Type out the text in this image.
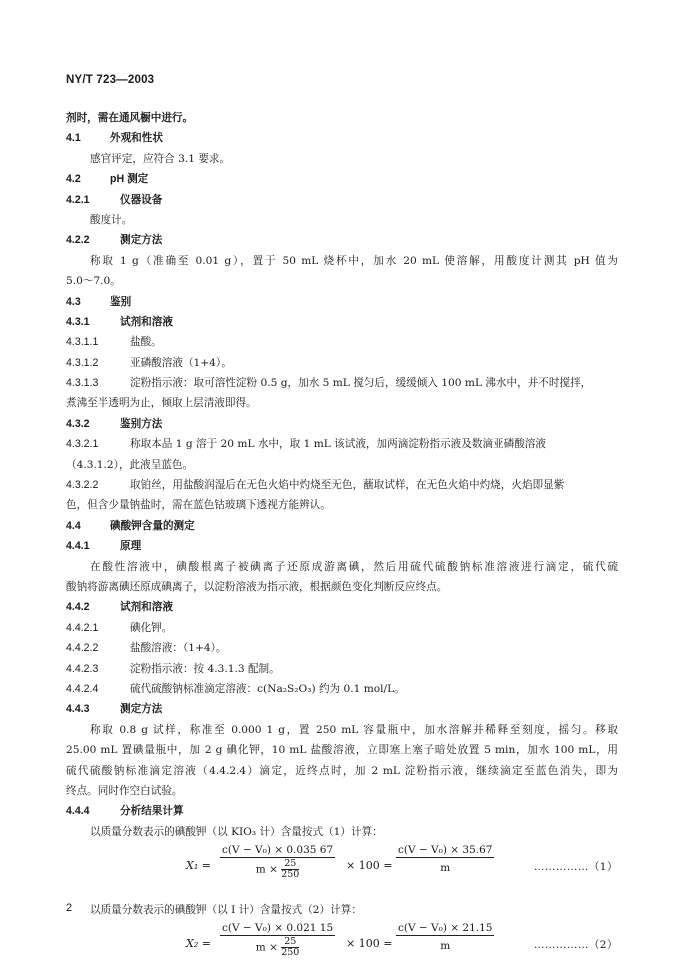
NY/T 723—2003
剂时，需在通风橱中进行。
4.1	外观和性状
感官评定，应符合 3.1 要求。
4.2	pH 测定
4.2.1	仪器设备
酸度计。
4.2.2	测定方法
称取 1 g（准确至 0.01 g），置于 50 mL 烧杯中，加水 20 mL 使溶解，用酸度计测其 pH 值为
5.0～7.0。
4.3	鉴别
4.3.1	试剂和溶液
4.3.1.1	盐酸。
4.3.1.2	亚磷酸溶液（1+4）。
4.3.1.3	淀粉指示液：取可溶性淀粉 0.5 g，加水 5 mL 搅匀后，缓缓倾入 100 mL 沸水中，并不时搅拌，
煮沸至半透明为止，倾取上层清液即得。
4.3.2	鉴别方法
4.3.2.1	称取本品 1 g 溶于 20 mL 水中，取 1 mL 该试液，加两滴淀粉指示液及数滴亚磷酸溶液
（4.3.1.2），此液呈蓝色。
4.3.2.2	取铂丝，用盐酸润湿后在无色火焰中灼烧至无色，蘸取试样，在无色火焰中灼烧，火焰即显紫
色，但含少量钠盐时，需在蓝色钴玻璃下透视方能辨认。
4.4	碘酸钾含量的测定
4.4.1	原理
在酸性溶液中，碘酸根离子被碘离子还原成游离碘，然后用硫代硫酸钠标准溶液进行滴定，硫代硫
酸钠将游离碘还原成碘离子，以淀粉溶液为指示液，根据颜色变化判断反应终点。
4.4.2	试剂和溶液
4.4.2.1	碘化钾。
4.4.2.2	盐酸溶液：（1+4）。
4.4.2.3	淀粉指示液：按 4.3.1.3 配制。
4.4.2.4	硫代硫酸钠标准滴定溶液：c(Na₂S₂O₃) 约为 0.1 mol/L。
4.4.3	测定方法
称取 0.8 g 试样，称准至 0.000 1 g，置 250 mL 容量瓶中，加水溶解并稀释至刻度，摇匀。移取
25.00 mL 置碘量瓶中，加 2 g 碘化钾，10 mL 盐酸溶液，立即塞上塞子暗处放置 5 min，加水 100 mL，用
硫代硫酸钠标准滴定溶液（4.4.2.4）滴定，近终点时，加 2 mL 淀粉指示液，继续滴定至蓝色消失，即为
终点。同时作空白试验。
4.4.4	分析结果计算
以质量分数表示的碘酸钾（以 KIO₃ 计）含量按式（1）计算：
$X_1 = \frac{\text{c(V − V₀) × 0.035 67}}{m \times \frac{25}{250}} \times 100 = \frac{\text{c(V − V₀) × 35.67}}{m}$	……………（1）
以质量分数表示的碘酸钾（以 I 计）含量按式（2）计算：
$X_2 = \frac{\text{c(V − V₀) × 0.021 15}}{m \times \frac{25}{250}} \times 100 = \frac{\text{c(V − V₀) × 21.15}}{m}$	……………（2）
2
